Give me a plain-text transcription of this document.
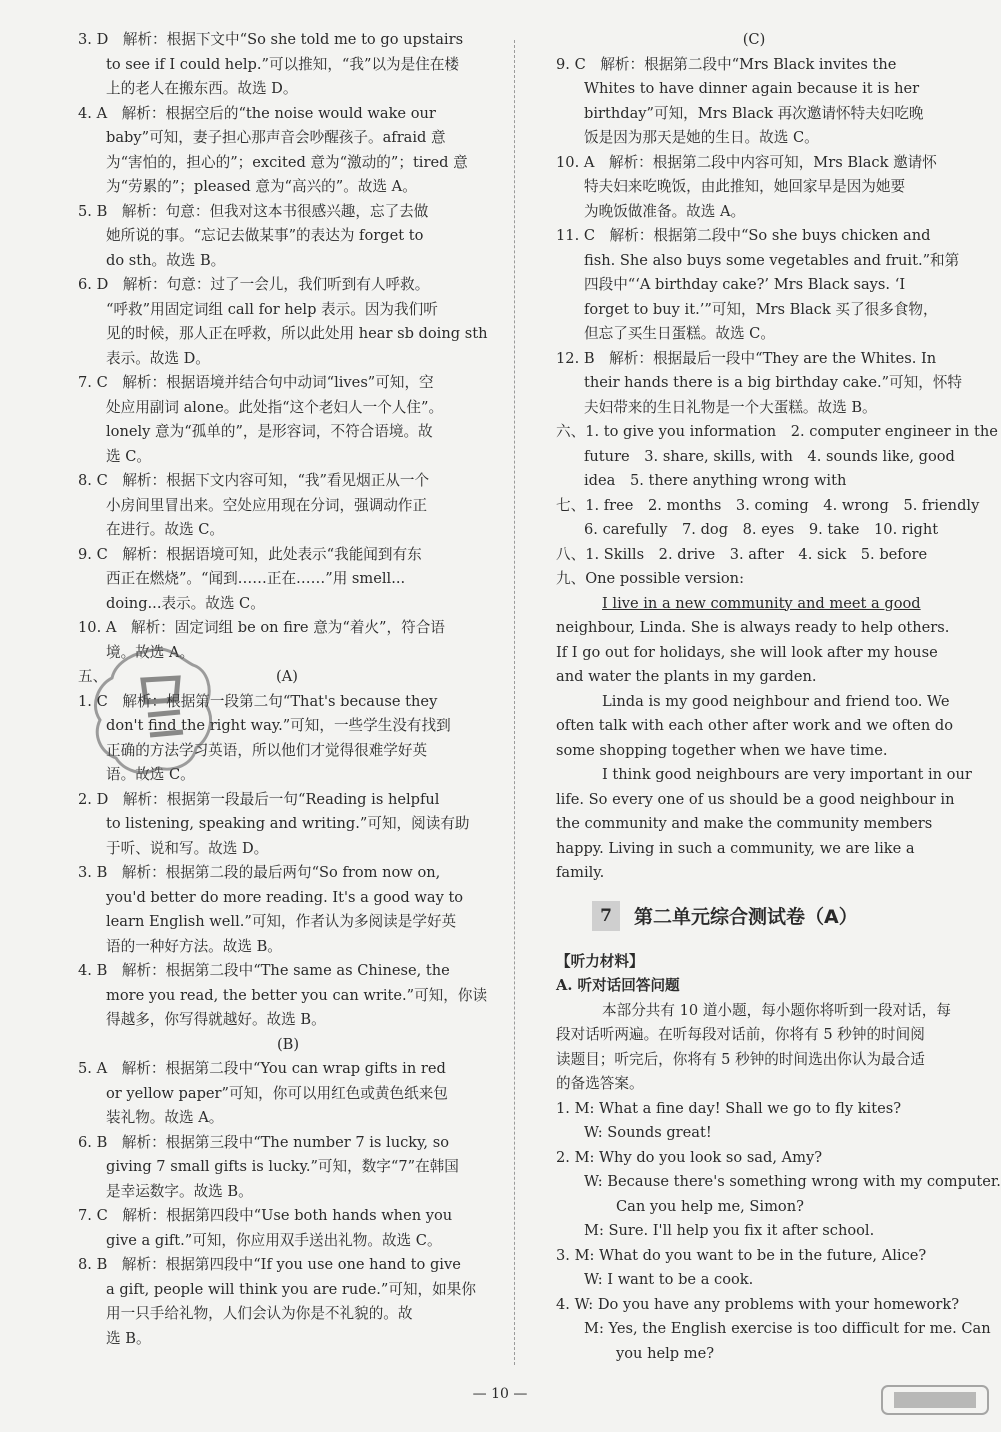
3. D　解析：根据下文中“So she told me to go upstairs
to see if I could help.”可以推知，“我”以为是住在楼
上的老人在搬东西。故选 D。
4. A　解析：根据空后的“the noise would wake our
baby”可知，妻子担心那声音会吵醒孩子。afraid 意
为“害怕的，担心的”；excited 意为“激动的”；tired 意
为“劳累的”；pleased 意为“高兴的”。故选 A。
5. B　解析：句意：但我对这本书很感兴趣，忘了去做
她所说的事。“忘记去做某事”的表达为 forget to
do sth。故选 B。
6. D　解析：句意：过了一会儿，我们听到有人呼救。
“呼救”用固定词组 call for help 表示。因为我们听
见的时候，那人正在呼救，所以此处用 hear sb doing sth
表示。故选 D。
7. C　解析：根据语境并结合句中动词“lives”可知，空
处应用副词 alone。此处指“这个老妇人一个人住”。
lonely 意为“孤单的”，是形容词，不符合语境。故
选 C。
8. C　解析：根据下文内容可知，“我”看见烟正从一个
小房间里冒出来。空处应用现在分词，强调动作正
在进行。故选 C。
9. C　解析：根据语境可知，此处表示“我能闻到有东
西正在燃烧”。“闻到……正在……”用 smell...
doing...表示。故选 C。
10. A　解析：固定词组 be on fire 意为“着火”，符合语
境。故选 A。
五、	(A)
1. C　解析：根据第一段第二句“That's because they
don't find the right way.”可知，一些学生没有找到
正确的方法学习英语，所以他们才觉得很难学好英
语。故选 C。
2. D　解析：根据第一段最后一句“Reading is helpful
to listening, speaking and writing.”可知，阅读有助
于听、说和写。故选 D。
3. B　解析：根据第二段的最后两句“So from now on,
you'd better do more reading. It's a good way to
learn English well.”可知，作者认为多阅读是学好英
语的一种好方法。故选 B。
4. B　解析：根据第二段中“The same as Chinese, the
more you read, the better you can write.”可知，你读
得越多，你写得就越好。故选 B。
(B)
5. A　解析：根据第二段中“You can wrap gifts in red
or yellow paper”可知，你可以用红色或黄色纸来包
装礼物。故选 A。
6. B　解析：根据第三段中“The number 7 is lucky, so
giving 7 small gifts is lucky.”可知，数字“7”在韩国
是幸运数字。故选 B。
7. C　解析：根据第四段中“Use both hands when you
give a gift.”可知，你应用双手送出礼物。故选 C。
8. B　解析：根据第四段中“If you use one hand to give
a gift, people will think you are rude.”可知，如果你
用一只手给礼物，人们会认为你是不礼貌的。故
选 B。
(C)
9. C　解析：根据第二段中“Mrs Black invites the
Whites to have dinner again because it is her
birthday”可知，Mrs Black 再次邀请怀特夫妇吃晚
饭是因为那天是她的生日。故选 C。
10. A　解析：根据第二段中内容可知，Mrs Black 邀请怀
特夫妇来吃晚饭，由此推知，她回家早是因为她要
为晚饭做准备。故选 A。
11. C　解析：根据第二段中“So she buys chicken and
fish. She also buys some vegetables and fruit.”和第
四段中“‘A birthday cake?’ Mrs Black says. ‘I
forget to buy it.’”可知，Mrs Black 买了很多食物，
但忘了买生日蛋糕。故选 C。
12. B　解析：根据最后一段中“They are the Whites. In
their hands there is a big birthday cake.”可知，怀特
夫妇带来的生日礼物是一个大蛋糕。故选 B。
六、1. to give you information　2. computer engineer in the
future　3. share, skills, with　4. sounds like, good
idea　5. there anything wrong with
七、1. free　2. months　3. coming　4. wrong　5. friendly
6. carefully　7. dog　8. eyes　9. take　10. right
八、1. Skills　2. drive　3. after　4. sick　5. before
九、One possible version:
I live in a new community and meet a good
neighbour, Linda. She is always ready to help others.
If I go out for holidays, she will look after my house
and water the plants in my garden.
Linda is my good neighbour and friend too. We
often talk with each other after work and we often do
some shopping together when we have time.
I think good neighbours are very important in our
life. So every one of us should be a good neighbour in
the community and make the community members
happy. Living in such a community, we are like a
family.
7	第二单元综合测试卷（A）
【听力材料】
A. 听对话回答问题
本部分共有 10 道小题，每小题你将听到一段对话，每
段对话听两遍。在听每段对话前，你将有 5 秒钟的时间阅
读题目；听完后，你将有 5 秒钟的时间选出你认为最合适
的备选答案。
1. M: What a fine day! Shall we go to fly kites?
W: Sounds great!
2. M: Why do you look so sad, Amy?
W: Because there's something wrong with my computer.
Can you help me, Simon?
M: Sure. I'll help you fix it after school.
3. M: What do you want to be in the future, Alice?
W: I want to be a cook.
4. W: Do you have any problems with your homework?
M: Yes, the English exercise is too difficult for me. Can
you help me?
— 10 —
